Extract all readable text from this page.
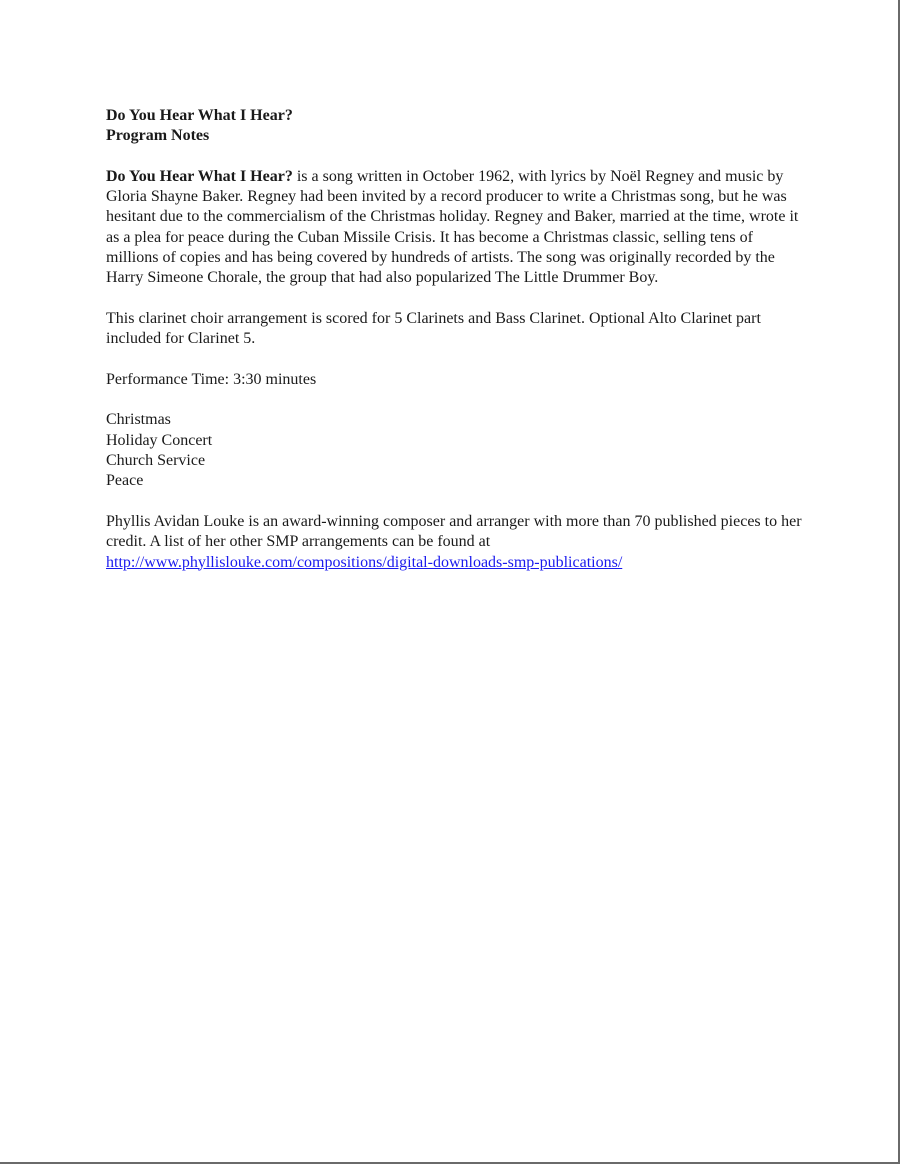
Do You Hear What I Hear?
Program Notes

Do You Hear What I Hear? is a song written in October 1962, with lyrics by Noël Regney and music by Gloria Shayne Baker. Regney had been invited by a record producer to write a Christmas song, but he was hesitant due to the commercialism of the Christmas holiday. Regney and Baker, married at the time, wrote it as a plea for peace during the Cuban Missile Crisis. It has become a Christmas classic, selling tens of millions of copies and has being covered by hundreds of artists. The song was originally recorded by the Harry Simeone Chorale, the group that had also popularized The Little Drummer Boy.

This clarinet choir arrangement is scored for 5 Clarinets and Bass Clarinet. Optional Alto Clarinet part included for Clarinet 5.

Performance Time: 3:30 minutes

Christmas
Holiday Concert
Church Service
Peace

Phyllis Avidan Louke is an award-winning composer and arranger with more than 70 published pieces to her credit. A list of her other SMP arrangements can be found at
http://www.phyllislouke.com/compositions/digital-downloads-smp-publications/
